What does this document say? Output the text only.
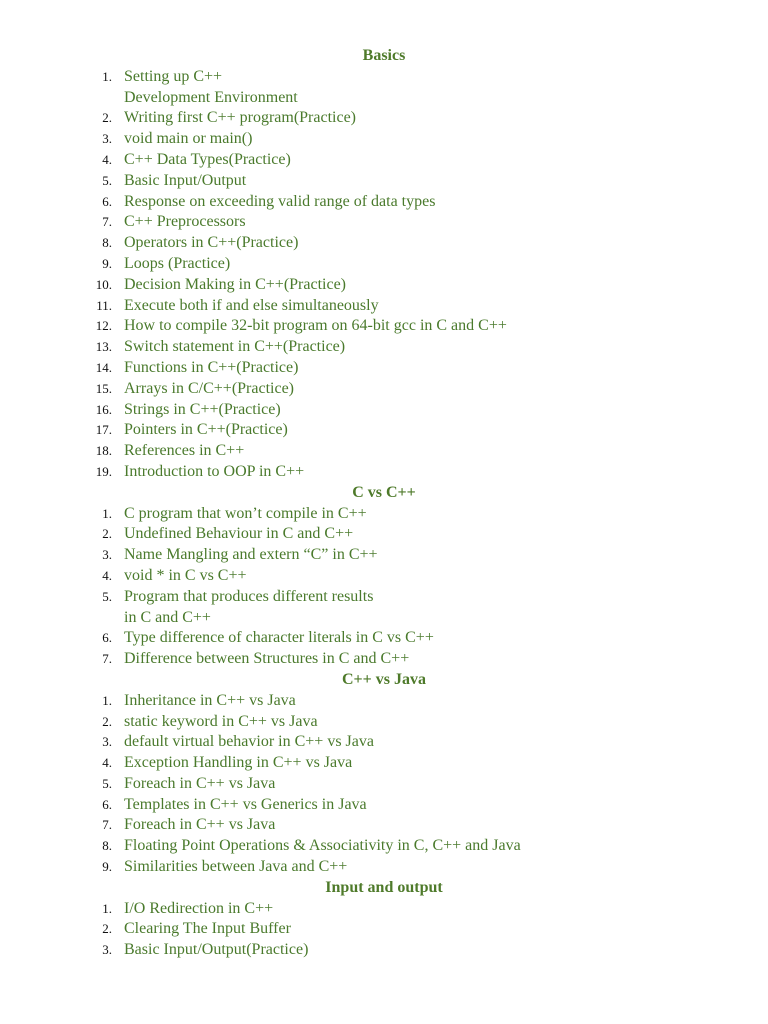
Basics
1. Setting up C++
Development Environment
2. Writing first C++ program(Practice)
3. void main or main()
4. C++ Data Types(Practice)
5. Basic Input/Output
6. Response on exceeding valid range of data types
7. C++ Preprocessors
8. Operators in C++(Practice)
9. Loops (Practice)
10. Decision Making in C++(Practice)
11. Execute both if and else simultaneously
12. How to compile 32-bit program on 64-bit gcc in C and C++
13. Switch statement in C++(Practice)
14. Functions in C++(Practice)
15. Arrays in C/C++(Practice)
16. Strings in C++(Practice)
17. Pointers in C++(Practice)
18. References in C++
19. Introduction to OOP in C++
C vs C++
1. C program that won’t compile in C++
2. Undefined Behaviour in C and C++
3. Name Mangling and extern “C” in C++
4. void * in C vs C++
5. Program that produces different results
in C and C++
6. Type difference of character literals in C vs C++
7. Difference between Structures in C and C++
C++ vs Java
1. Inheritance in C++ vs Java
2. static keyword in C++ vs Java
3. default virtual behavior in C++ vs Java
4. Exception Handling in C++ vs Java
5. Foreach in C++ vs Java
6. Templates in C++ vs Generics in Java
7. Foreach in C++ vs Java
8. Floating Point Operations & Associativity in C, C++ and Java
9. Similarities between Java and C++
Input and output
1. I/O Redirection in C++
2. Clearing The Input Buffer
3. Basic Input/Output(Practice)
